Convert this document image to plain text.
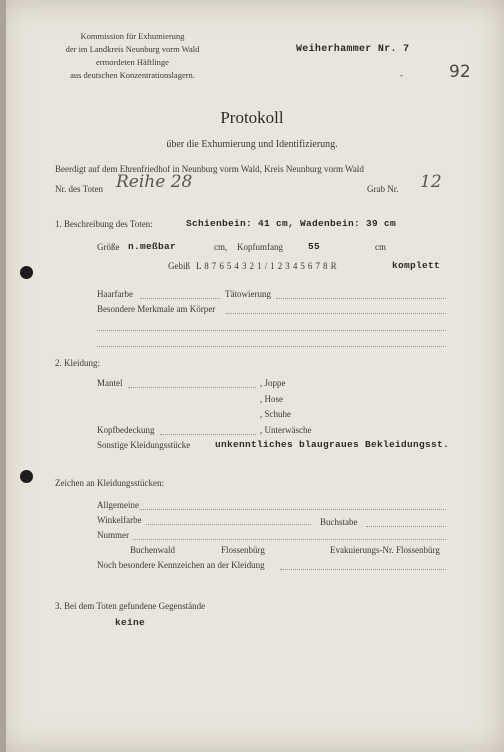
Kommission für Exhumierung
der im Landkreis Neunburg vorm Wald
ermordeten Häftlinge
aus deutschen Konzentrationslagern.
Weiherhammer Nr. 7
-	92
Protokoll
über die Exhumierung und Identifizierung.
Beerdigt auf dem Ehrenfriedhof in Neunburg vorm Wald, Kreis Neunburg vorm Wald
Nr. des Toten Reihe 28	Grab Nr. 12
1. Beschreibung des Toten:	Schienbein: 41 cm, Wadenbein: 39 cm
Größe n.meßbar	cm, Kopfumfang	55	cm
Gebiß L 8 7 6 5 4 3 2 1 / 1 2 3 4 5 6 7 8 R	komplett
Haarfarbe	Tätowierung
Besondere Merkmale am Körper
2. Kleidung:
Mantel	, Joppe
, Hose
, Schuhe
Kopfbedeckung	, Unterwäsche
Sonstige Kleidungsstücke	unkenntliches blaugraues Bekleidungsst.
Zeichen an Kleidungsstücken:
Allgemeine
Winkelfarbe	Buchstabe
Nummer
Buchenwald	Flossenbürg	Evakuierungs-Nr. Flossenbürg
Noch besondere Kennzeichen an der Kleidung
3. Bei dem Toten gefundene Gegenstände
keine
